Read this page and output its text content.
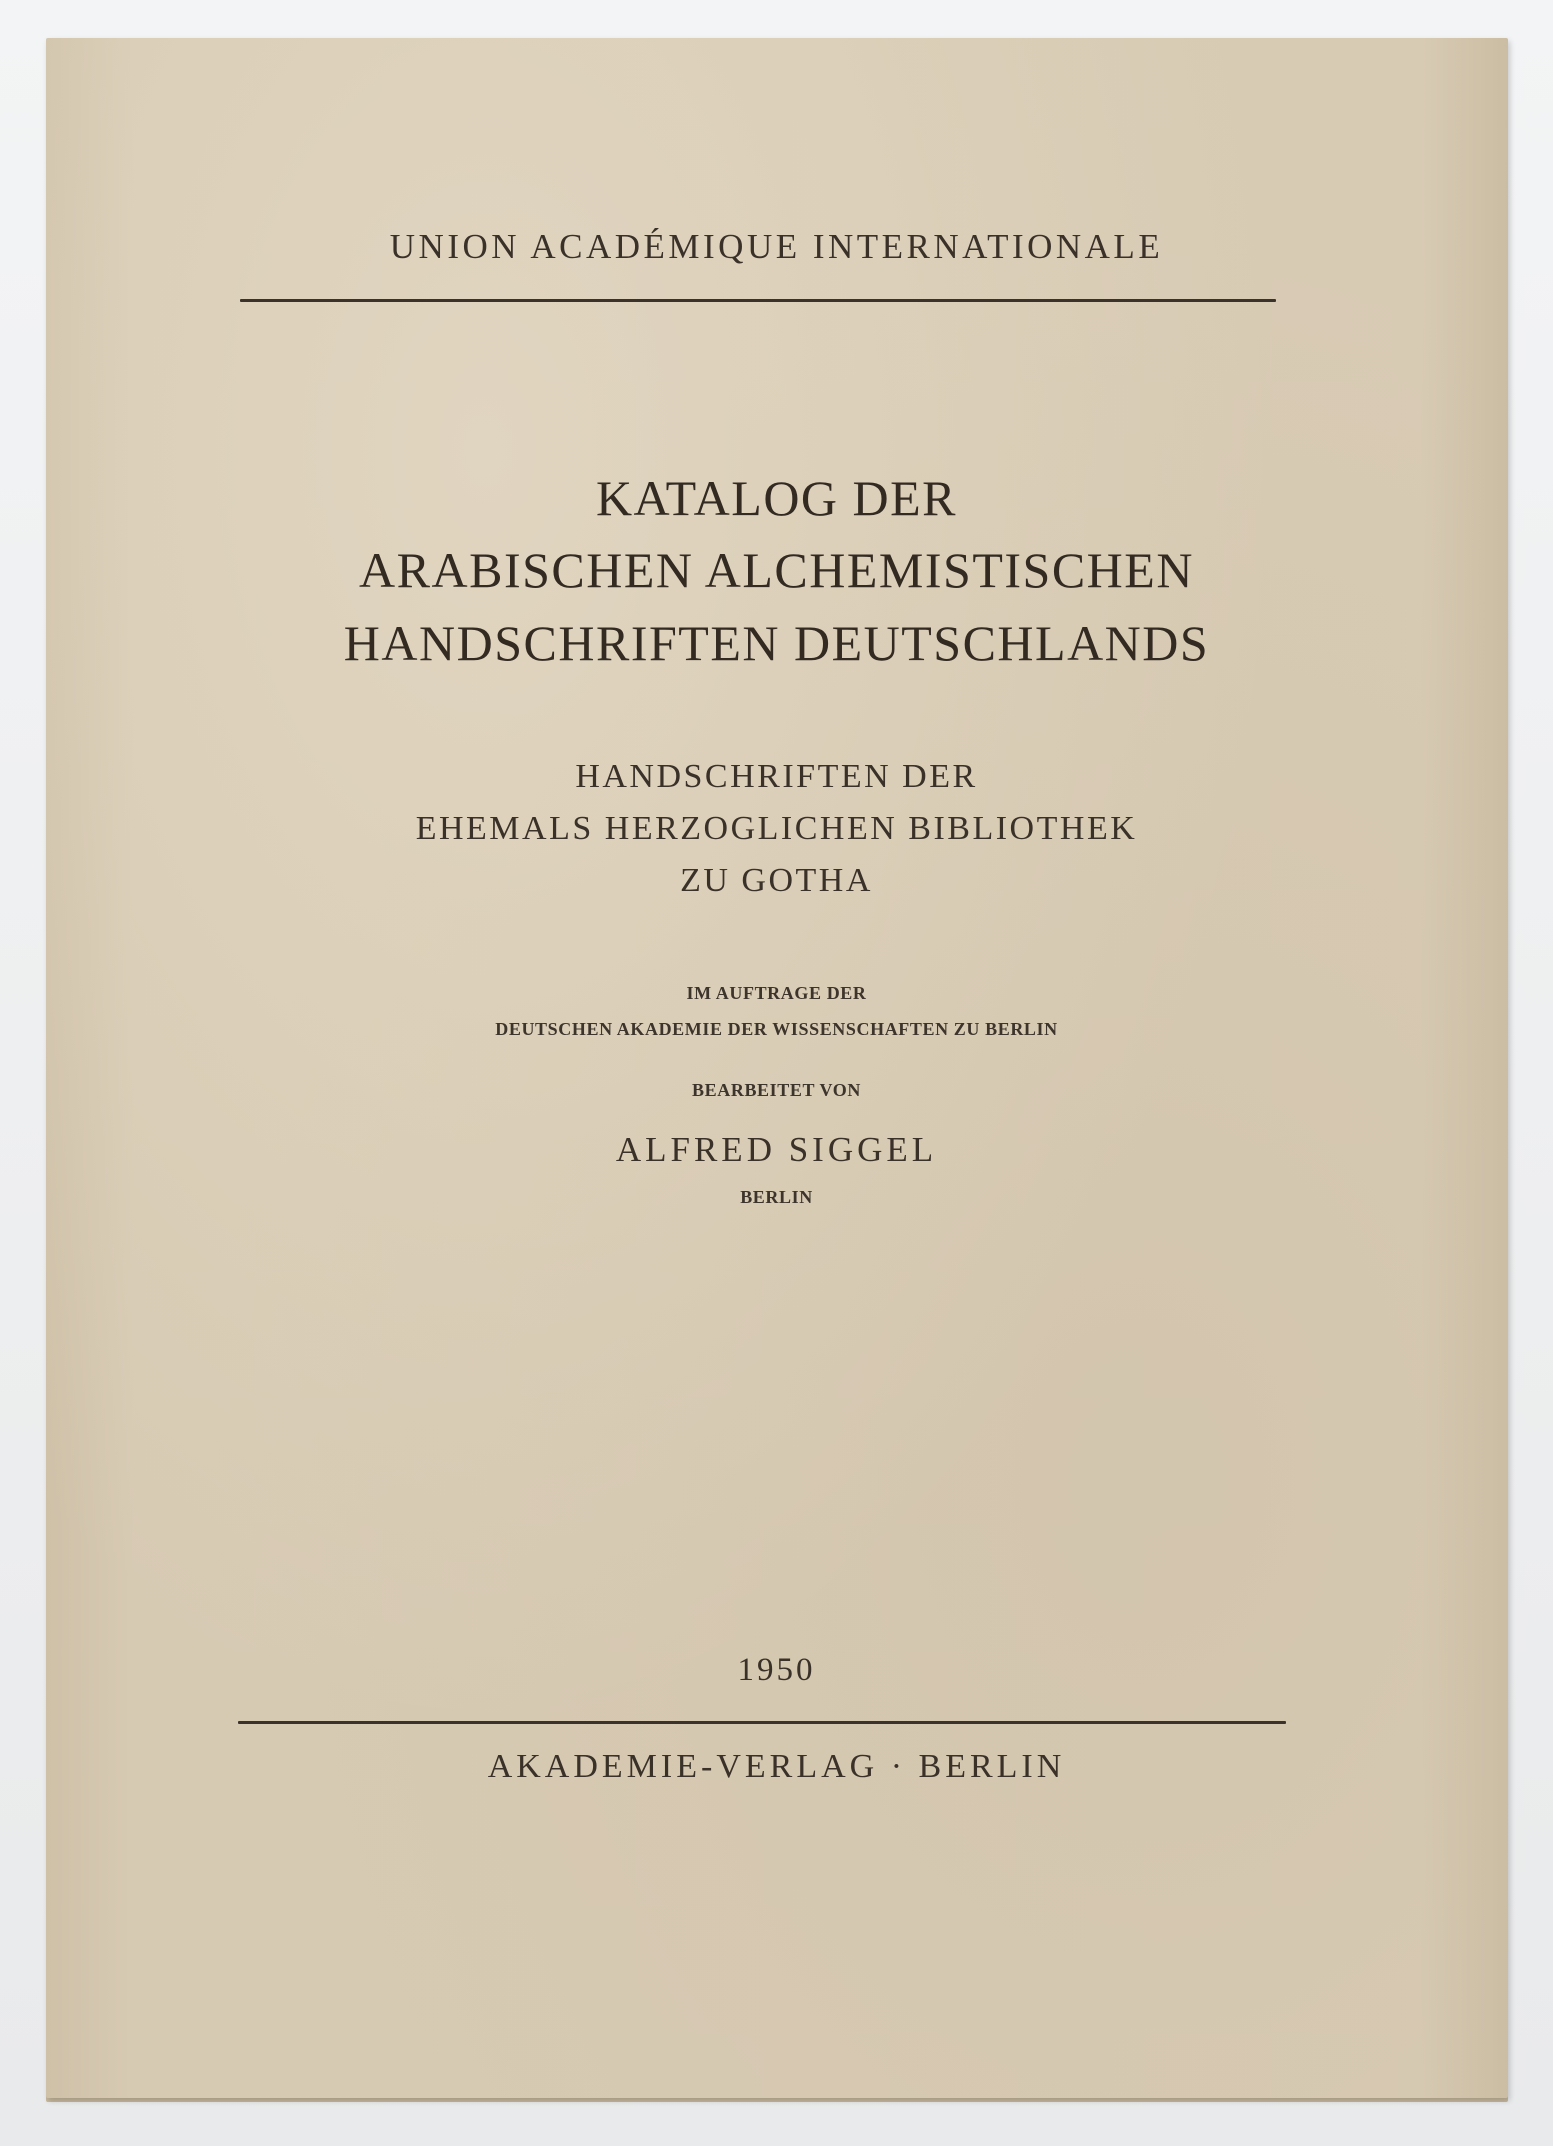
UNION ACADÉMIQUE INTERNATIONALE
KATALOG DER
ARABISCHEN ALCHEMISTISCHEN
HANDSCHRIFTEN DEUTSCHLANDS
HANDSCHRIFTEN DER
EHEMALS HERZOGLICHEN BIBLIOTHEK
ZU GOTHA
IM AUFTRAGE DER
DEUTSCHEN AKADEMIE DER WISSENSCHAFTEN ZU BERLIN
BEARBEITET VON
ALFRED SIGGEL
BERLIN
1950
AKADEMIE-VERLAG · BERLIN
